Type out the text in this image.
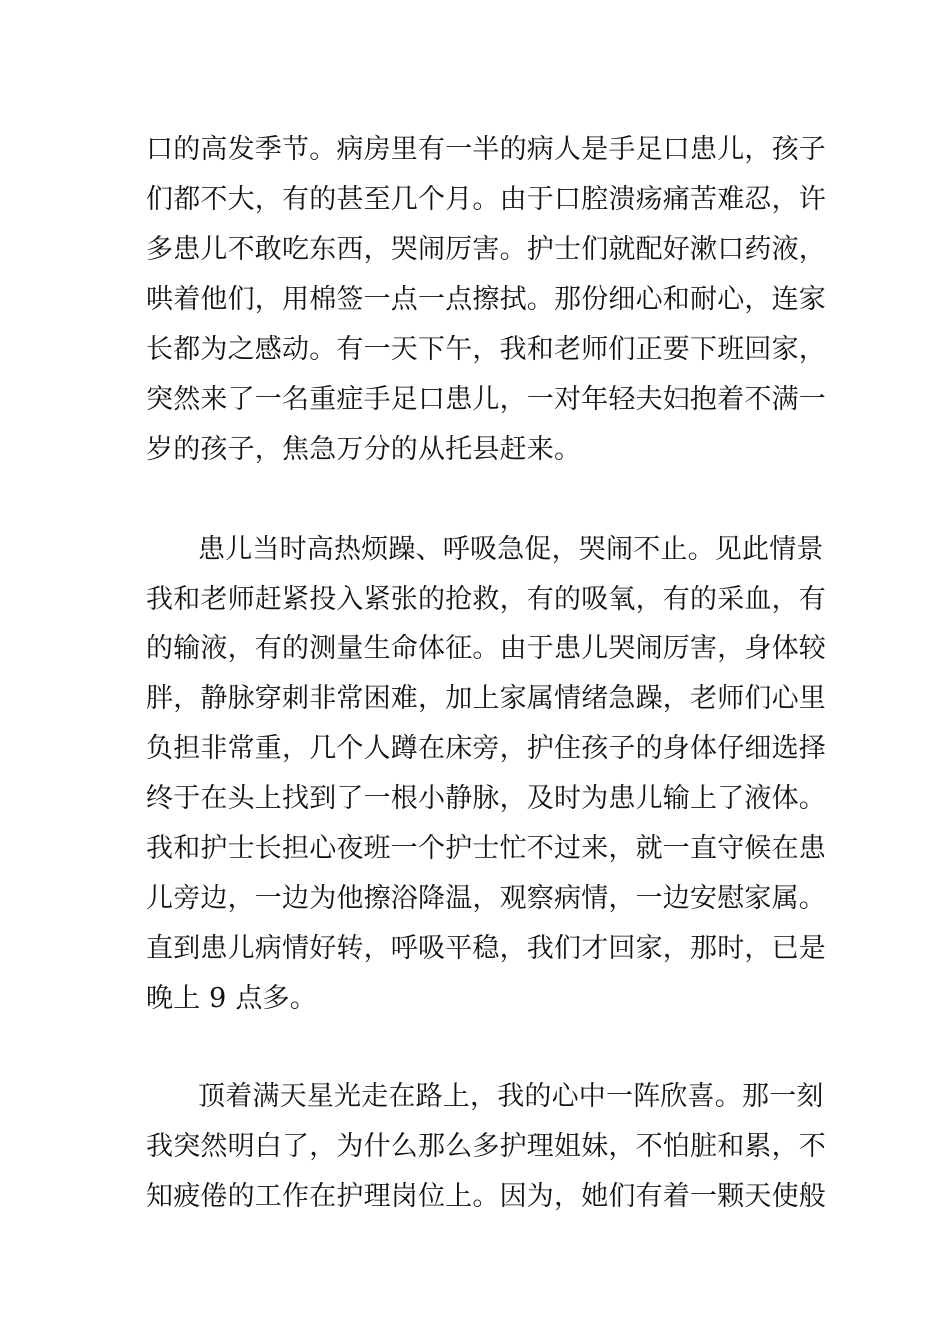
口的高发季节。病房里有一半的病人是手足口患儿，孩子
们都不大，有的甚至几个月。由于口腔溃疡痛苦难忍，许
多患儿不敢吃东西，哭闹厉害。护士们就配好漱口药液，
哄着他们，用棉签一点一点擦拭。那份细心和耐心，连家
长都为之感动。有一天下午，我和老师们正要下班回家，
突然来了一名重症手足口患儿，一对年轻夫妇抱着不满一
岁的孩子，焦急万分的从托县赶来。
患儿当时高热烦躁、呼吸急促，哭闹不止。见此情景
我和老师赶紧投入紧张的抢救，有的吸氧，有的采血，有
的输液，有的测量生命体征。由于患儿哭闹厉害，身体较
胖，静脉穿刺非常困难，加上家属情绪急躁，老师们心里
负担非常重，几个人蹲在床旁，护住孩子的身体仔细选择
终于在头上找到了一根小静脉，及时为患儿输上了液体。
我和护士长担心夜班一个护士忙不过来，就一直守候在患
儿旁边，一边为他擦浴降温，观察病情，一边安慰家属。
直到患儿病情好转，呼吸平稳，我们才回家，那时，已是
晚上 9 点多。
顶着满天星光走在路上，我的心中一阵欣喜。那一刻
我突然明白了，为什么那么多护理姐妹，不怕脏和累，不
知疲倦的工作在护理岗位上。因为，她们有着一颗天使般
